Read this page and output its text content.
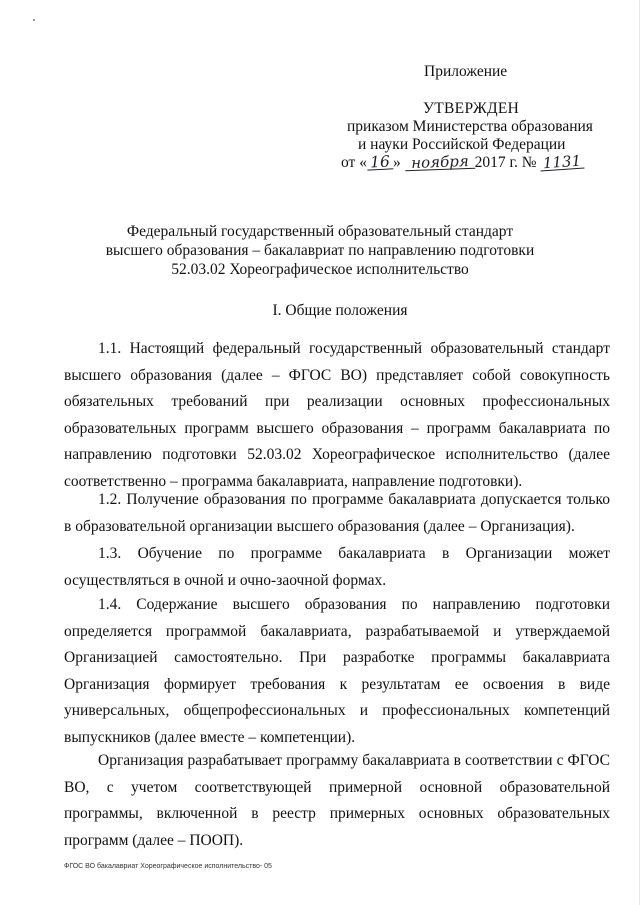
Приложение
УТВЕРЖДЕН
приказом Министерства образования
и науки Российской Федерации
от « 16 » ноября 2017 г. № 1131
Федеральный государственный образовательный стандарт
высшего образования – бакалавриат по направлению подготовки
52.03.02 Хореографическое исполнительство
I. Общие положения
1.1. Настоящий федеральный государственный образовательный стандарт высшего образования (далее – ФГОС ВО) представляет собой совокупность обязательных требований при реализации основных профессиональных образовательных программ высшего образования – программ бакалавриата по направлению подготовки 52.03.02 Хореографическое исполнительство (далее соответственно – программа бакалавриата, направление подготовки).
1.2. Получение образования по программе бакалавриата допускается только в образовательной организации высшего образования (далее – Организация).
1.3. Обучение по программе бакалавриата в Организации может осуществляться в очной и очно-заочной формах.
1.4. Содержание высшего образования по направлению подготовки определяется программой бакалавриата, разрабатываемой и утверждаемой Организацией самостоятельно. При разработке программы бакалавриата Организация формирует требования к результатам ее освоения в виде универсальных, общепрофессиональных и профессиональных компетенций выпускников (далее вместе – компетенции).
Организация разрабатывает программу бакалавриата в соответствии с ФГОС ВО, с учетом соответствующей примерной основной образовательной программы, включенной в реестр примерных основных образовательных программ (далее – ПООП).
ФГОС ВО бакалавриат Хореографическое исполнительство- 05
